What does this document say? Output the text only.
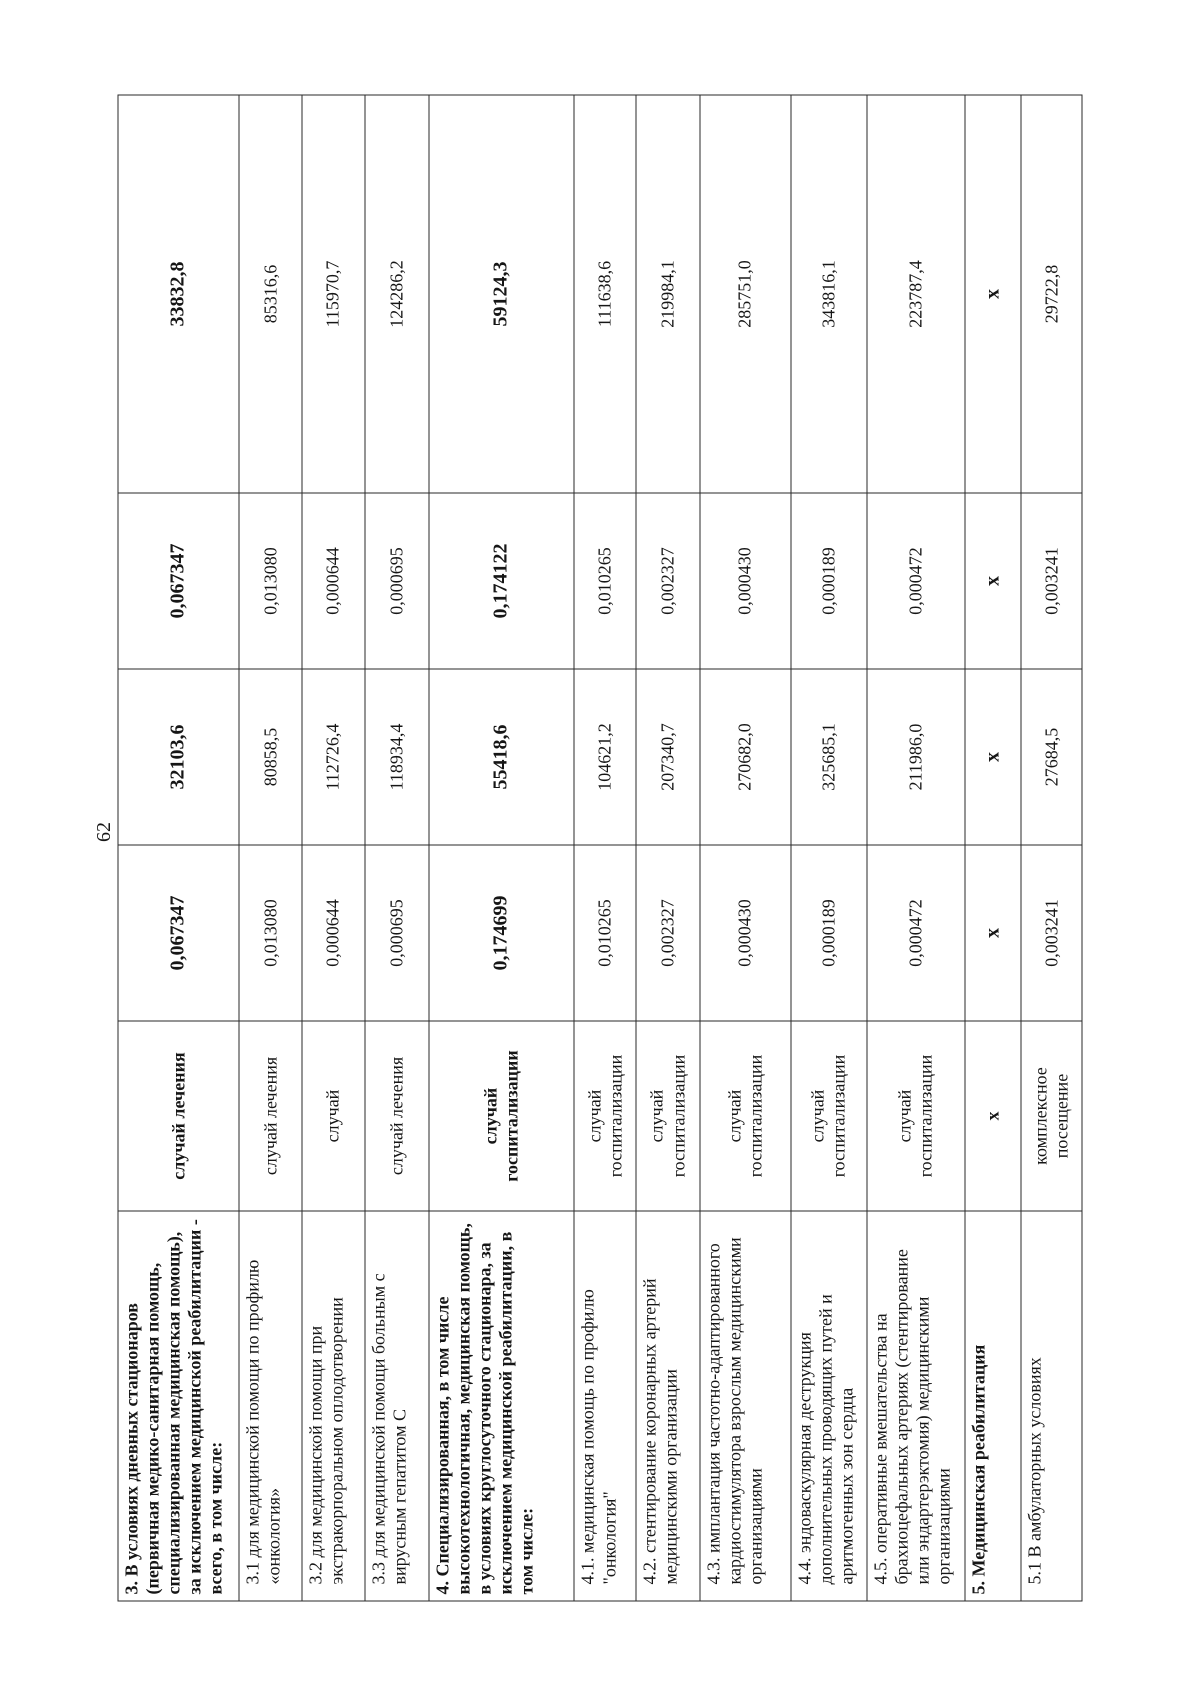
62
3. В условиях дневных стационаров (первичная медико-санитарная помощь, специализированная медицинская помощь), за исключением медицинской реабилитации - всего, в том числе:	случай лечения	0,067347	32103,6	0,067347	33832,8
3.1 для медицинской помощи по профилю «онкология»	случай лечения	0,013080	80858,5	0,013080	85316,6
3.2 для медицинской помощи при экстракорпоральном оплодотворении	случай	0,000644	112726,4	0,000644	115970,7
3.3 для медицинской помощи больным с вирусным гепатитом С	случай лечения	0,000695	118934,4	0,000695	124286,2
4. Специализированная, в том числе высокотехнологичная, медицинская помощь, в условиях круглосуточного стационара, за исключением медицинской реабилитации, в том числе:	случай госпитализации	0,174699	55418,6	0,174122	59124,3
4.1. медицинская помощь по профилю "онкология"	случай госпитализации	0,010265	104621,2	0,010265	111638,6
4.2. стентирование коронарных артерий медицинскими организации	случай госпитализации	0,002327	207340,7	0,002327	219984,1
4.3. имплантация частотно-адаптированного кардиостимулятора взрослым медицинскими организациями	случай госпитализации	0,000430	270682,0	0,000430	285751,0
4.4. эндоваскулярная деструкция дополнительных проводящих путей и аритмогенных зон сердца	случай госпитализации	0,000189	325685,1	0,000189	343816,1
4.5. оперативные вмешательства на брахиоцефальных артериях (стентирование или эндартерэктомия) медицинскими организациями	случай госпитализации	0,000472	211986,0	0,000472	223787,4
5. Медицинская реабилитация	х	х	х	х	х
5.1 В амбулаторных условиях	комплексное посещение	0,003241	27684,5	0,003241	29722,8
